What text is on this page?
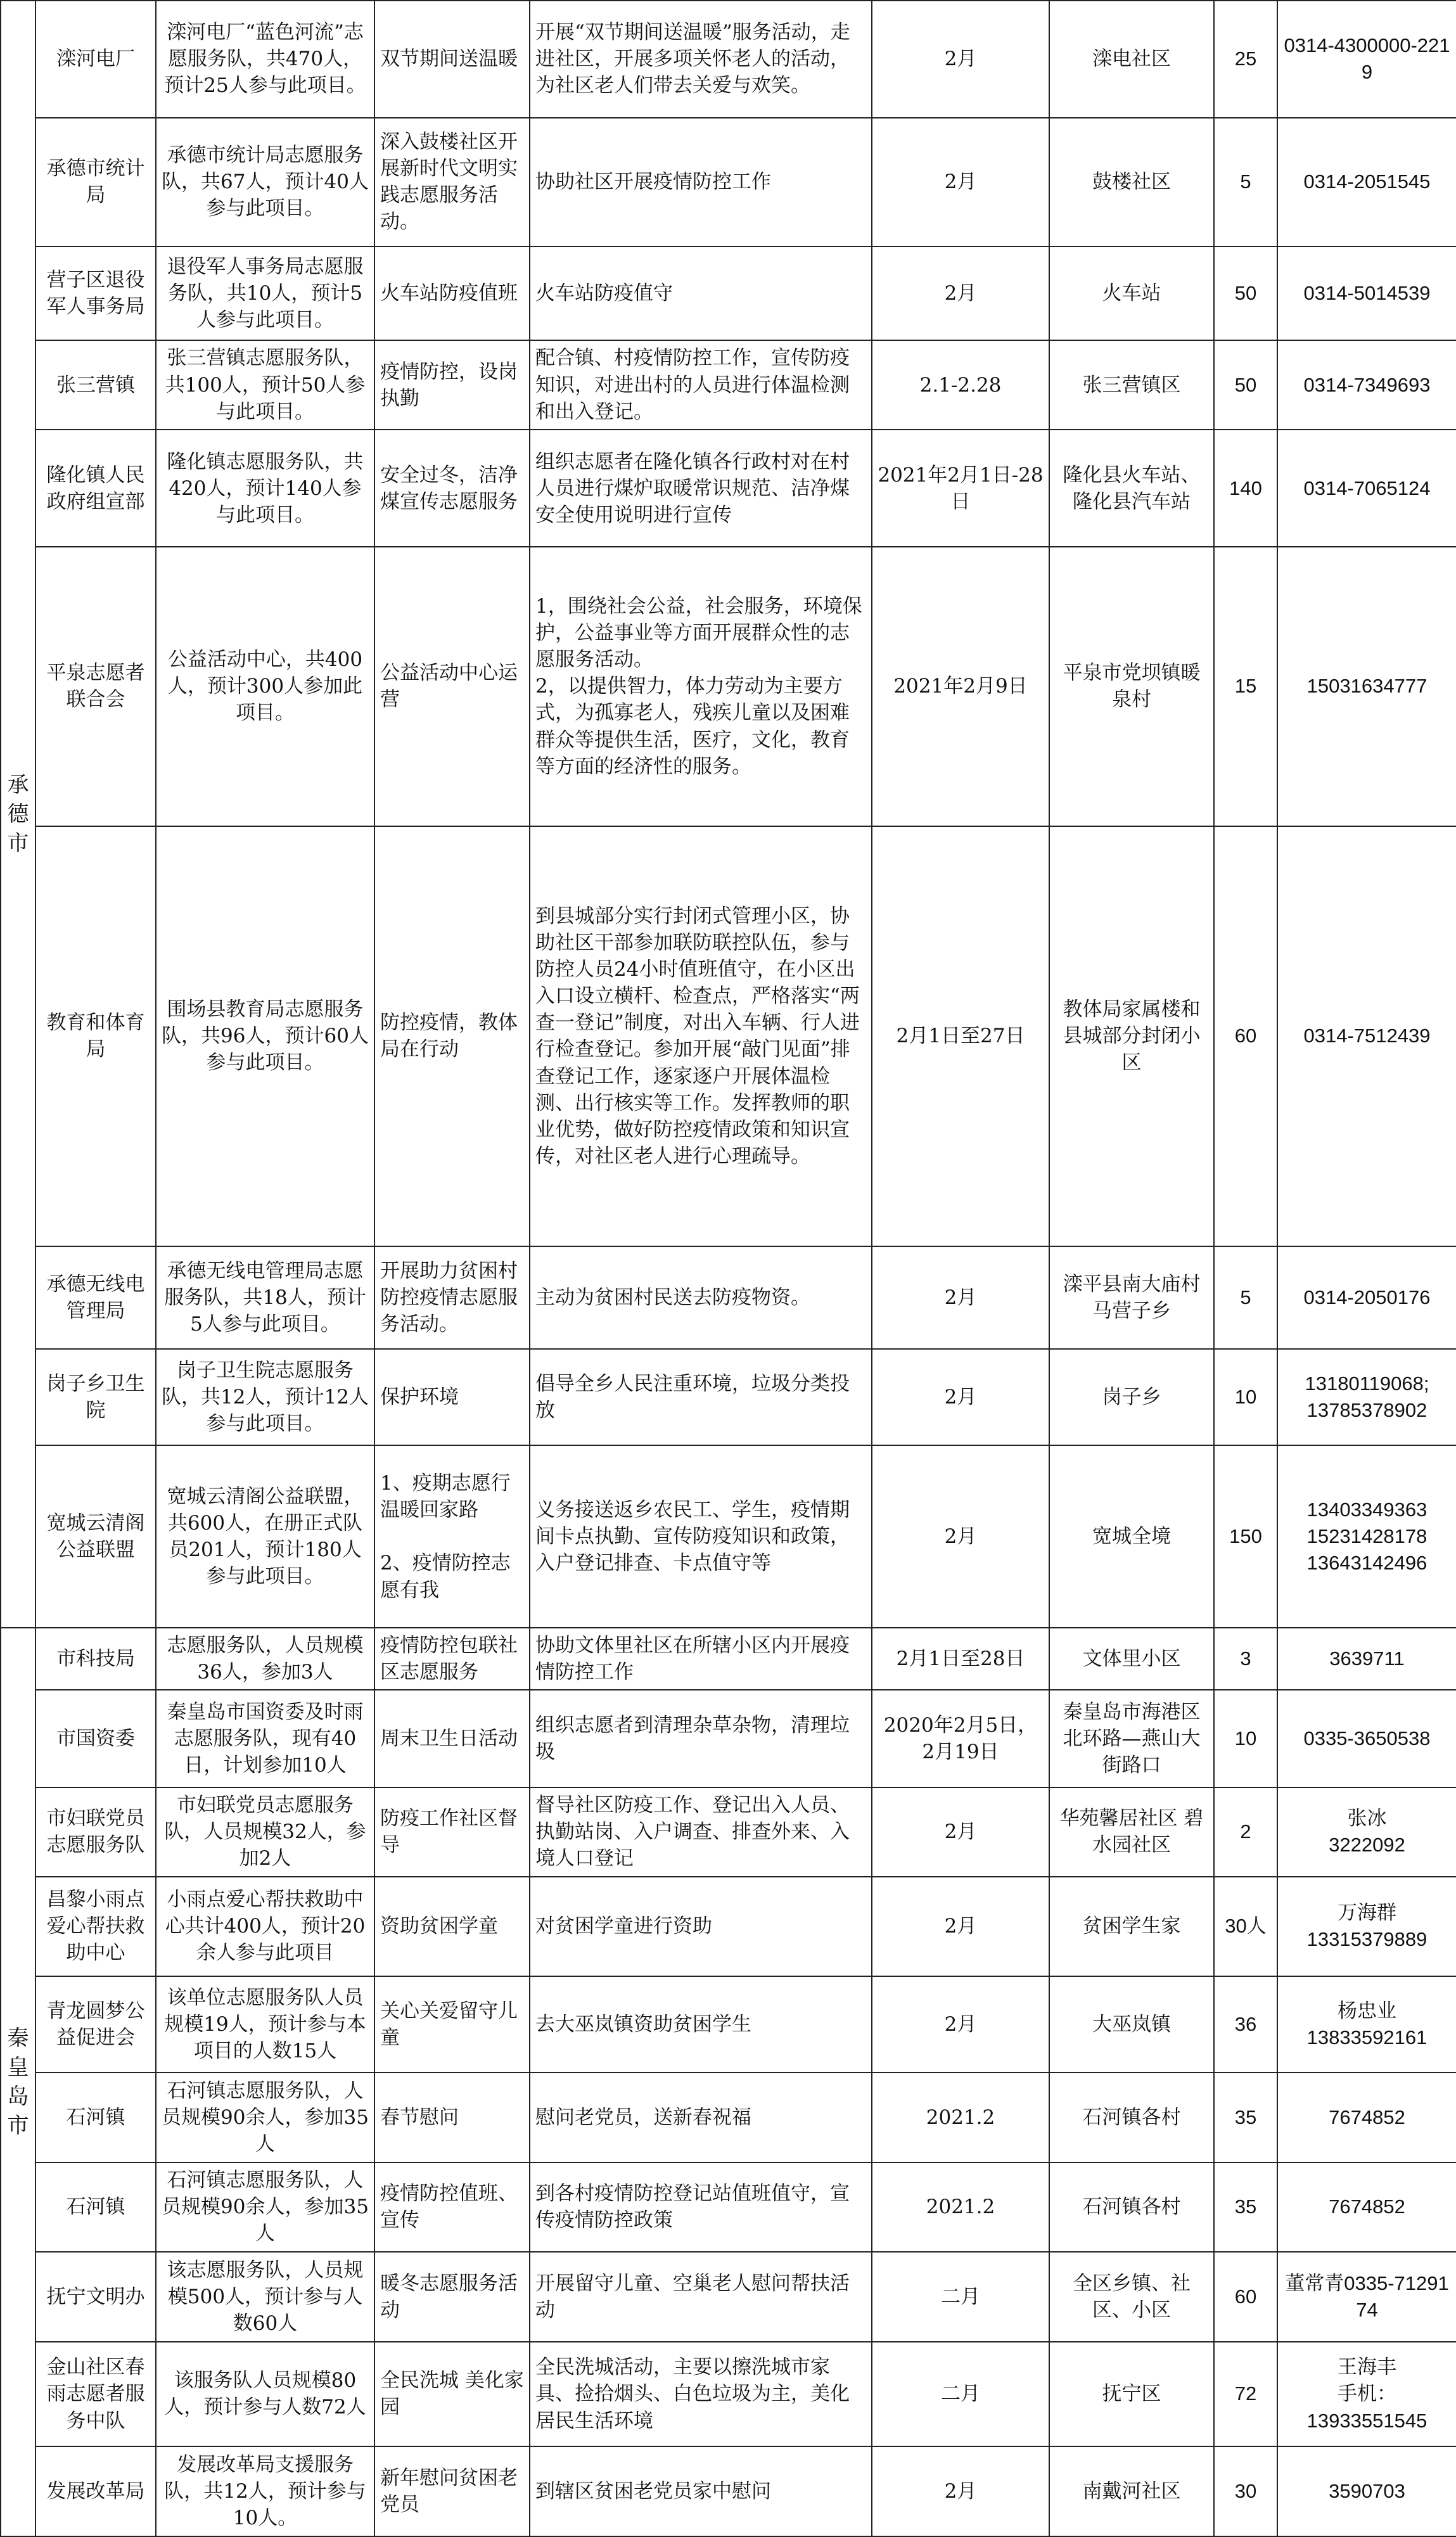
承
德
市	滦河电厂	滦河电厂“蓝色河流”志愿服务队，共470人，预计25人参与此项目。	双节期间送温暖	开展“双节期间送温暖”服务活动，走进社区，开展多项关怀老人的活动，为社区老人们带去关爱与欢笑。	2月	滦电社区	25	0314-4300000-2219
	承德市统计局	承德市统计局志愿服务队，共67人，预计40人参与此项目。	深入鼓楼社区开展新时代文明实践志愿服务活动。	协助社区开展疫情防控工作	2月	鼓楼社区	5	0314-2051545
	营子区退役军人事务局	退役军人事务局志愿服务队，共10人，预计5人参与此项目。	火车站防疫值班	火车站防疫值守	2月	火车站	50	0314-5014539
	张三营镇	张三营镇志愿服务队，共100人，预计50人参与此项目。	疫情防控，设岗执勤	配合镇、村疫情防控工作，宣传防疫知识，对进出村的人员进行体温检测和出入登记。	2.1-2.28	张三营镇区	50	0314-7349693
	隆化镇人民政府组宣部	隆化镇志愿服务队，共420人，预计140人参与此项目。	安全过冬，洁净煤宣传志愿服务	组织志愿者在隆化镇各行政村对在村人员进行煤炉取暖常识规范、洁净煤安全使用说明进行宣传	2021年2月1日-28日	隆化县火车站、隆化县汽车站	140	0314-7065124
	平泉志愿者联合会	公益活动中心，共400人，预计300人参加此项目。	公益活动中心运营	1，围绕社会公益，社会服务，环境保护，公益事业等方面开展群众性的志愿服务活动。
2，以提供智力，体力劳动为主要方式，为孤寡老人，残疾儿童以及困难群众等提供生活，医疗，文化，教育等方面的经济性的服务。	2021年2月9日	平泉市党坝镇暖泉村	15	15031634777
	教育和体育局	围场县教育局志愿服务队，共96人，预计60人参与此项目。	防控疫情，教体局在行动	到县城部分实行封闭式管理小区，协助社区干部参加联防联控队伍，参与防控人员24小时值班值守，在小区出入口设立横杆、检查点，严格落实“两查一登记”制度，对出入车辆、行人进行检查登记。参加开展“敲门见面”排查登记工作，逐家逐户开展体温检测、出行核实等工作。发挥教师的职业优势，做好防控疫情政策和知识宣传，对社区老人进行心理疏导。	2月1日至27日	教体局家属楼和县城部分封闭小区	60	0314-7512439
	承德无线电管理局	承德无线电管理局志愿服务队，共18人，预计5人参与此项目。	开展助力贫困村防控疫情志愿服务活动。	主动为贫困村民送去防疫物资。	2月	滦平县南大庙村马营子乡	5	0314-2050176
	岗子乡卫生院	岗子卫生院志愿服务队，共12人，预计12人参与此项目。	保护环境	倡导全乡人民注重环境，垃圾分类投放	2月	岗子乡	10	13180119068;
13785378902
	宽城云清阁公益联盟	宽城云清阁公益联盟，共600人，在册正式队员201人，预计180人参与此项目。	1、疫期志愿行 温暖回家路

2、疫情防控志愿有我	义务接送返乡农民工、学生，疫情期间卡点执勤、宣传防疫知识和政策，入户登记排查、卡点值守等	2月	宽城全境	150	13403349363
15231428178
13643142496
秦
皇
岛
市	市科技局	志愿服务队，人员规模36人，参加3人	疫情防控包联社区志愿服务	协助文体里社区在所辖小区内开展疫情防控工作	2月1日至28日	文体里小区	3	3639711
	市国资委	秦皇岛市国资委及时雨志愿服务队，现有40日，计划参加10人	周末卫生日活动	组织志愿者到清理杂草杂物，清理垃圾	2020年2月5日，2月19日	秦皇岛市海港区北环路—燕山大街路口	10	0335-3650538
	市妇联党员志愿服务队	市妇联党员志愿服务队，人员规模32人，参加2人	防疫工作社区督导	督导社区防疫工作、登记出入人员、执勤站岗、入户调查、排查外来、入境人口登记	2月	华苑馨居社区 碧水园社区	2	张冰
3222092
	昌黎小雨点爱心帮扶救助中心	小雨点爱心帮扶救助中心共计400人，预计20余人参与此项目	资助贫困学童	对贫困学童进行资助	2月	贫困学生家	30人	万海群
13315379889
	青龙圆梦公益促进会	该单位志愿服务队人员规模19人，预计参与本项目的人数15人	关心关爱留守儿童	去大巫岚镇资助贫困学生	2月	大巫岚镇	36	杨忠业
13833592161
	石河镇	石河镇志愿服务队，人员规模90余人，参加35人	春节慰问	慰问老党员，送新春祝福	2021.2	石河镇各村	35	7674852
	石河镇	石河镇志愿服务队，人员规模90余人，参加35人	疫情防控值班、宣传	到各村疫情防控登记站值班值守，宣传疫情防控政策	2021.2	石河镇各村	35	7674852
	抚宁文明办	该志愿服务队，人员规模500人，预计参与人数60人	暖冬志愿服务活动	开展留守儿童、空巢老人慰问帮扶活动	二月	全区乡镇、社区、小区	60	董常青0335-7129174
	金山社区春雨志愿者服务中队	该服务队人员规模80人，预计参与人数72人	全民洗城 美化家园	全民洗城活动，主要以擦洗城市家具、捡拾烟头、白色垃圾为主，美化居民生活环境	二月	抚宁区	72	王海丰
手机：
13933551545
	发展改革局	发展改革局支援服务队，共12人，预计参与10人。	新年慰问贫困老党员	到辖区贫困老党员家中慰问	2月	南戴河社区	30	3590703
